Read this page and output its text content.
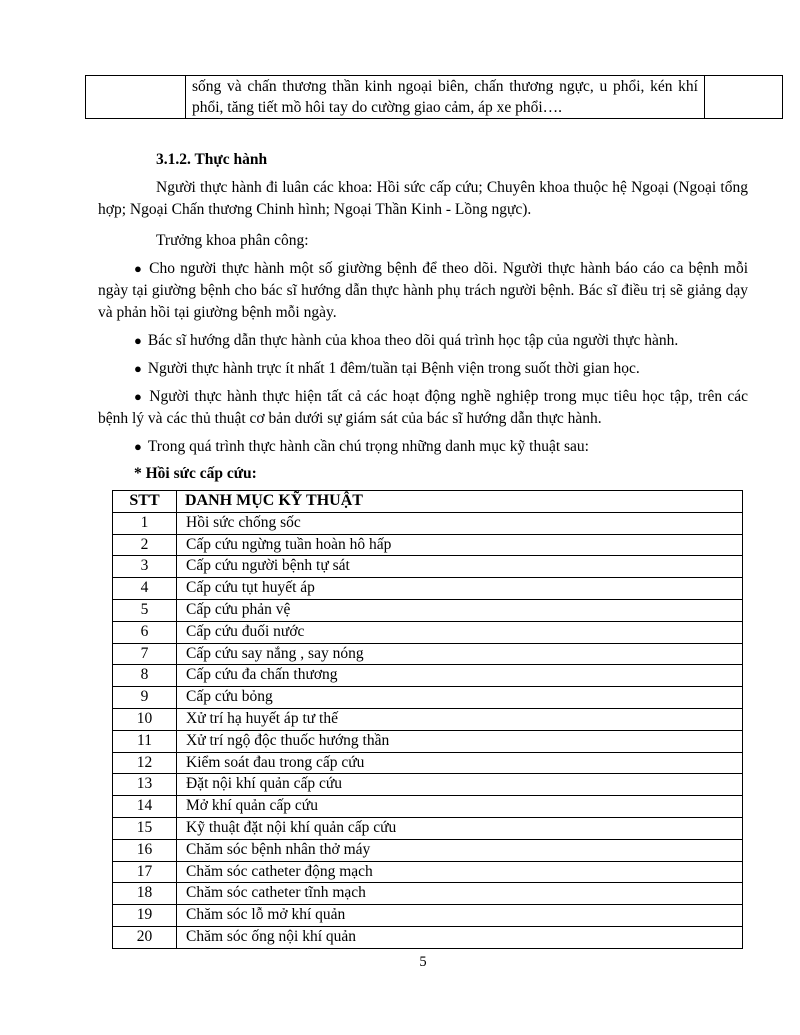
	sống và chấn thương thần kinh ngoại biên, chấn thương ngực, u phổi, kén khí phổi, tăng tiết mồ hôi tay do cường giao cảm, áp xe phổi….	
3.1.2. Thực hành

Người thực hành đi luân các khoa: Hồi sức cấp cứu; Chuyên khoa thuộc hệ Ngoại (Ngoại tổng hợp; Ngoại Chấn thương Chinh hình; Ngoại Thần Kinh - Lồng ngực).

Trưởng khoa phân công:

● Cho người thực hành một số giường bệnh để theo dõi. Người thực hành báo cáo ca bệnh mỗi ngày tại giường bệnh cho bác sĩ hướng dẫn thực hành phụ trách người bệnh. Bác sĩ điều trị sẽ giảng dạy và phản hồi tại giường bệnh mỗi ngày.

● Bác sĩ hướng dẫn thực hành của khoa theo dõi quá trình học tập của người thực hành.

● Người thực hành trực ít nhất 1 đêm/tuần tại Bệnh viện trong suốt thời gian học.

● Người thực hành thực hiện tất cả các hoạt động nghề nghiệp trong mục tiêu học tập, trên các bệnh lý và các thủ thuật cơ bản dưới sự giám sát của bác sĩ hướng dẫn thực hành.

● Trong quá trình thực hành cần chú trọng những danh mục kỹ thuật sau:

* Hồi sức cấp cứu:
STT	DANH MỤC KỸ THUẬT
1	Hồi sức chống sốc
2	Cấp cứu ngừng tuần hoàn hô hấp
3	Cấp cứu người bệnh tự sát
4	Cấp cứu tụt huyết áp
5	Cấp cứu phản vệ
6	Cấp cứu đuối nước
7	Cấp cứu say nắng , say nóng
8	Cấp cứu đa chấn thương
9	Cấp cứu bỏng
10	Xử trí hạ huyết áp tư thế
11	Xử trí ngộ độc thuốc hướng thần
12	Kiểm soát đau trong cấp cứu
13	Đặt nội khí quản cấp cứu
14	Mở khí quản cấp cứu
15	Kỹ thuật đặt nội khí quản cấp cứu
16	Chăm sóc bệnh nhân thở máy
17	Chăm sóc catheter động mạch
18	Chăm sóc catheter tĩnh mạch
19	Chăm sóc lỗ mở khí quản
20	Chăm sóc ống nội khí quản
5
